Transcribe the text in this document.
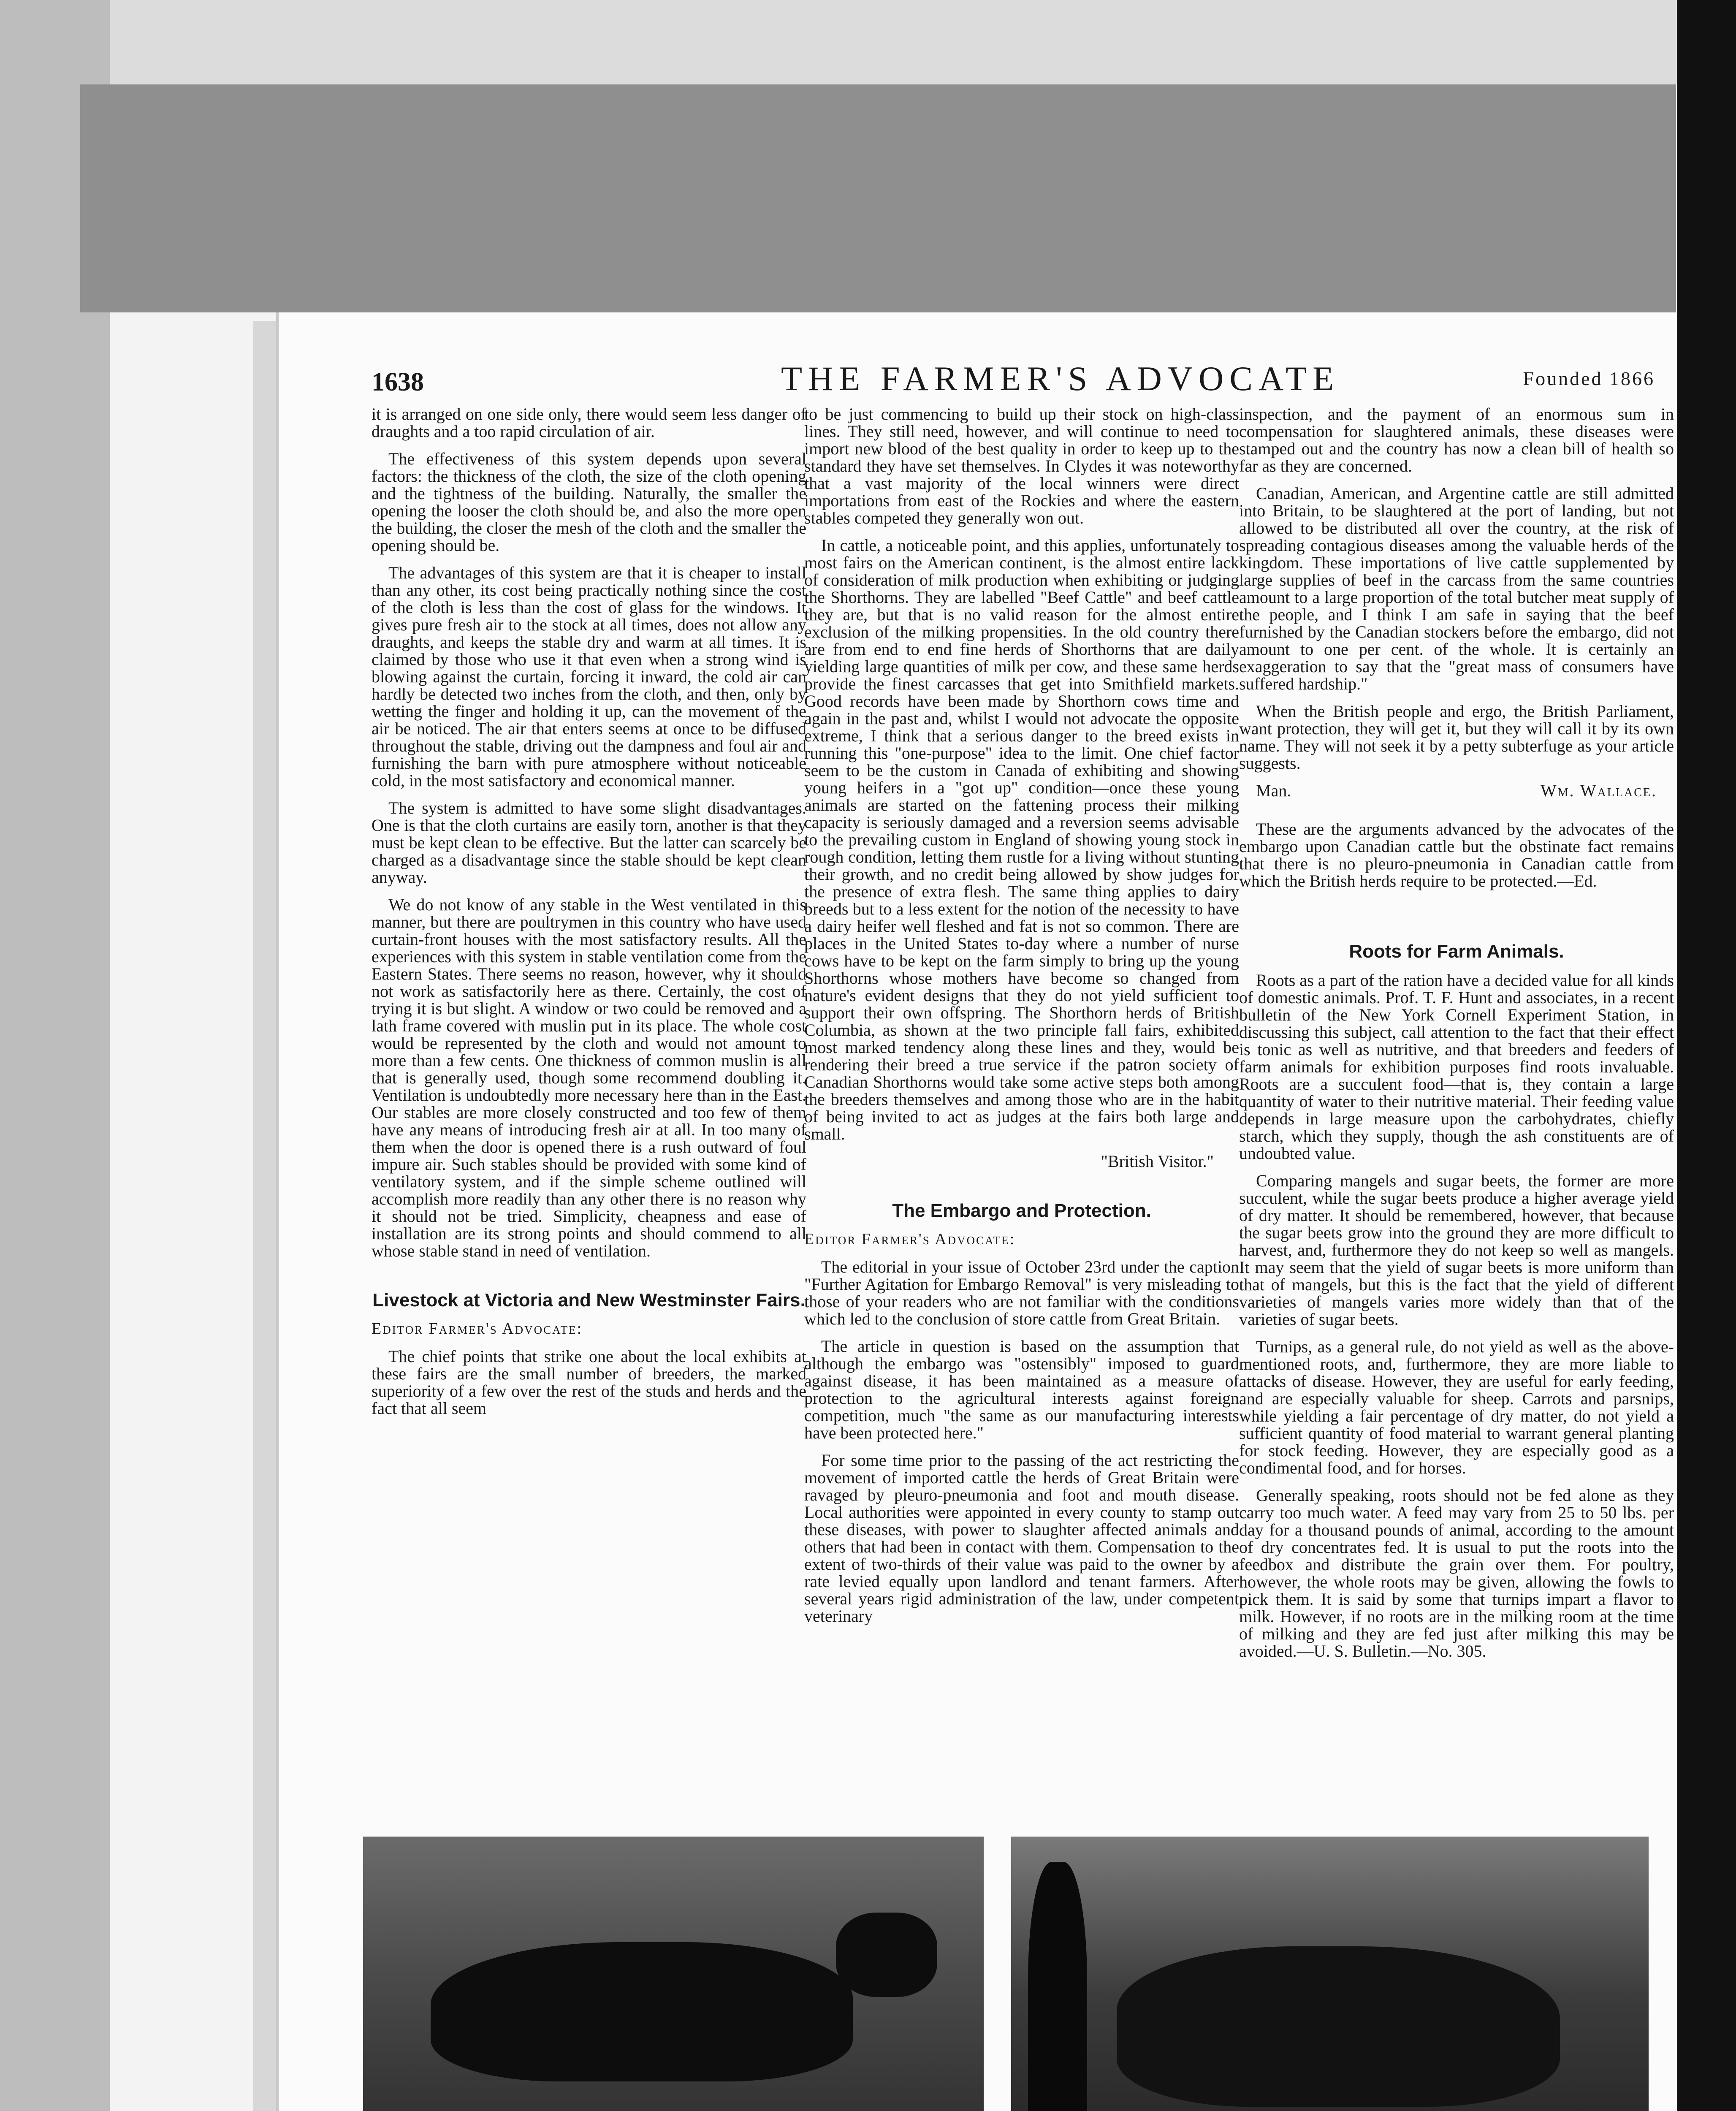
1638	THE FARMER'S ADVOCATE	Founded 1866

it is arranged on one side only, there would seem less danger of draughts and a too rapid circulation of air.

The effectiveness of this system depends upon several factors: the thickness of the cloth, the size of the cloth opening and the tightness of the building. Naturally, the smaller the opening the looser the cloth should be, and also the more open the building, the closer the mesh of the cloth and the smaller the opening should be.

The advantages of this system are that it is cheaper to install than any other, its cost being practically nothing since the cost of the cloth is less than the cost of glass for the windows. It gives pure fresh air to the stock at all times, does not allow any draughts, and keeps the stable dry and warm at all times. It is claimed by those who use it that even when a strong wind is blowing against the curtain, forcing it inward, the cold air can hardly be detected two inches from the cloth, and then, only by wetting the finger and holding it up, can the movement of the air be noticed. The air that enters seems at once to be diffused throughout the stable, driving out the dampness and foul air and furnishing the barn with pure atmosphere without noticeable cold, in the most satisfactory and economical manner.

The system is admitted to have some slight disadvantages. One is that the cloth curtains are easily torn, another is that they must be kept clean to be effective. But the latter can scarcely be charged as a disadvantage since the stable should be kept clean anyway.

We do not know of any stable in the West ventilated in this manner, but there are poultrymen in this country who have used curtain-front houses with the most satisfactory results. All the experiences with this system in stable ventilation come from the Eastern States. There seems no reason, however, why it should not work as satisfactorily here as there. Certainly, the cost of trying it is but slight. A window or two could be removed and a lath frame covered with muslin put in its place. The whole cost would be represented by the cloth and would not amount to more than a few cents. One thickness of common muslin is all that is generally used, though some recommend doubling it. Ventilation is undoubtedly more necessary here than in the East. Our stables are more closely constructed and too few of them have any means of introducing fresh air at all. In too many of them when the door is opened there is a rush outward of foul impure air. Such stables should be provided with some kind of ventilatory system, and if the simple scheme outlined will accomplish more readily than any other there is no reason why it should not be tried. Simplicity, cheapness and ease of installation are its strong points and should commend to all whose stable stand in need of ventilation.

Livestock at Victoria and New Westminster Fairs.

Editor Farmer's Advocate:

The chief points that strike one about the local exhibits at these fairs are the small number of breeders, the marked superiority of a few over the rest of the studs and herds and the fact that all seem

to be just commencing to build up their stock on high-class lines. They still need, however, and will continue to need to import new blood of the best quality in order to keep up to the standard they have set themselves. In Clydes it was noteworthy that a vast majority of the local winners were direct importations from east of the Rockies and where the eastern stables competed they generally won out.

In cattle, a noticeable point, and this applies, unfortunately to most fairs on the American continent, is the almost entire lack of consideration of milk production when exhibiting or judging the Shorthorns. They are labelled "Beef Cattle" and beef cattle they are, but that is no valid reason for the almost entire exclusion of the milking propensities. In the old country there are from end to end fine herds of Shorthorns that are daily yielding large quantities of milk per cow, and these same herds provide the finest carcasses that get into Smithfield markets. Good records have been made by Shorthorn cows time and again in the past and, whilst I would not advocate the opposite extreme, I think that a serious danger to the breed exists in running this "one-purpose" idea to the limit. One chief factor seem to be the custom in Canada of exhibiting and showing young heifers in a "got up" condition—once these young animals are started on the fattening process their milking capacity is seriously damaged and a reversion seems advisable to the prevailing custom in England of showing young stock in rough condition, letting them rustle for a living without stunting their growth, and no credit being allowed by show judges for the presence of extra flesh. The same thing applies to dairy breeds but to a less extent for the notion of the necessity to have a dairy heifer well fleshed and fat is not so common. There are places in the United States to-day where a number of nurse cows have to be kept on the farm simply to bring up the young Shorthorns whose mothers have become so changed from nature's evident designs that they do not yield sufficient to support their own offspring. The Shorthorn herds of British Columbia, as shown at the two principle fall fairs, exhibited most marked tendency along these lines and they, would be rendering their breed a true service if the patron society of Canadian Shorthorns would take some active steps both among the breeders themselves and among those who are in the habit of being invited to act as judges at the fairs both large and small.

"British Visitor."
The Embargo and Protection.

Editor Farmer's Advocate:

The editorial in your issue of October 23rd under the caption "Further Agitation for Embargo Removal" is very misleading to those of your readers who are not familiar with the conditions which led to the conclusion of store cattle from Great Britain.

The article in question is based on the assumption that although the embargo was "ostensibly" imposed to guard against disease, it has been maintained as a measure of protection to the agricultural interests against foreign competition, much "the same as our manufacturing interests have been protected here."

For some time prior to the passing of the act restricting the movement of imported cattle the herds of Great Britain were ravaged by pleuro-pneumonia and foot and mouth disease. Local authorities were appointed in every county to stamp out these diseases, with power to slaughter affected animals and others that had been in contact with them. Compensation to the extent of two-thirds of their value was paid to the owner by a rate levied equally upon landlord and tenant farmers. After several years rigid administration of the law, under competent veterinary

inspection, and the payment of an enormous sum in compensation for slaughtered animals, these diseases were stamped out and the country has now a clean bill of health so far as they are concerned.

Canadian, American, and Argentine cattle are still admitted into Britain, to be slaughtered at the port of landing, but not allowed to be distributed all over the country, at the risk of spreading contagious diseases among the valuable herds of the kingdom. These importations of live cattle supplemented by large supplies of beef in the carcass from the same countries amount to a large proportion of the total butcher meat supply of the people, and I think I am safe in saying that the beef furnished by the Canadian stockers before the embargo, did not amount to one per cent. of the whole. It is certainly an exaggeration to say that the "great mass of consumers have suffered hardship."

When the British people and ergo, the British Parliament, want protection, they will get it, but they will call it by its own name. They will not seek it by a petty subterfuge as your article suggests.

Man.	Wm. Wallace.

These are the arguments advanced by the advocates of the embargo upon Canadian cattle but the obstinate fact remains that there is no pleuro-pneumonia in Canadian cattle from which the British herds require to be protected.—Ed.

Roots for Farm Animals.

Roots as a part of the ration have a decided value for all kinds of domestic animals. Prof. T. F. Hunt and associates, in a recent bulletin of the New York Cornell Experiment Station, in discussing this subject, call attention to the fact that their effect is tonic as well as nutritive, and that breeders and feeders of farm animals for exhibition purposes find roots invaluable. Roots are a succulent food—that is, they contain a large quantity of water to their nutritive material. Their feeding value depends in large measure upon the carbohydrates, chiefly starch, which they supply, though the ash constituents are of undoubted value.

Comparing mangels and sugar beets, the former are more succulent, while the sugar beets produce a higher average yield of dry matter. It should be remembered, however, that because the sugar beets grow into the ground they are more difficult to harvest, and, furthermore they do not keep so well as mangels. It may seem that the yield of sugar beets is more uniform than that of mangels, but this is the fact that the yield of different varieties of mangels varies more widely than that of the varieties of sugar beets.

Turnips, as a general rule, do not yield as well as the above-mentioned roots, and, furthermore, they are more liable to attacks of disease. However, they are useful for early feeding, and are especially valuable for sheep. Carrots and parsnips, while yielding a fair percentage of dry matter, do not yield a sufficient quantity of food material to warrant general planting for stock feeding. However, they are especially good as a condimental food, and for horses.

Generally speaking, roots should not be fed alone as they carry too much water. A feed may vary from 25 to 50 lbs. per day for a thousand pounds of animal, according to the amount of dry concentrates fed. It is usual to put the roots into the feedbox and distribute the grain over them. For poultry, however, the whole roots may be given, allowing the fowls to pick them. It is said by some that turnips impart a flavor to milk. However, if no roots are in the milking room at the time of milking and they are fed just after milking this may be avoided.—U. S. Bulletin.—No. 305.
